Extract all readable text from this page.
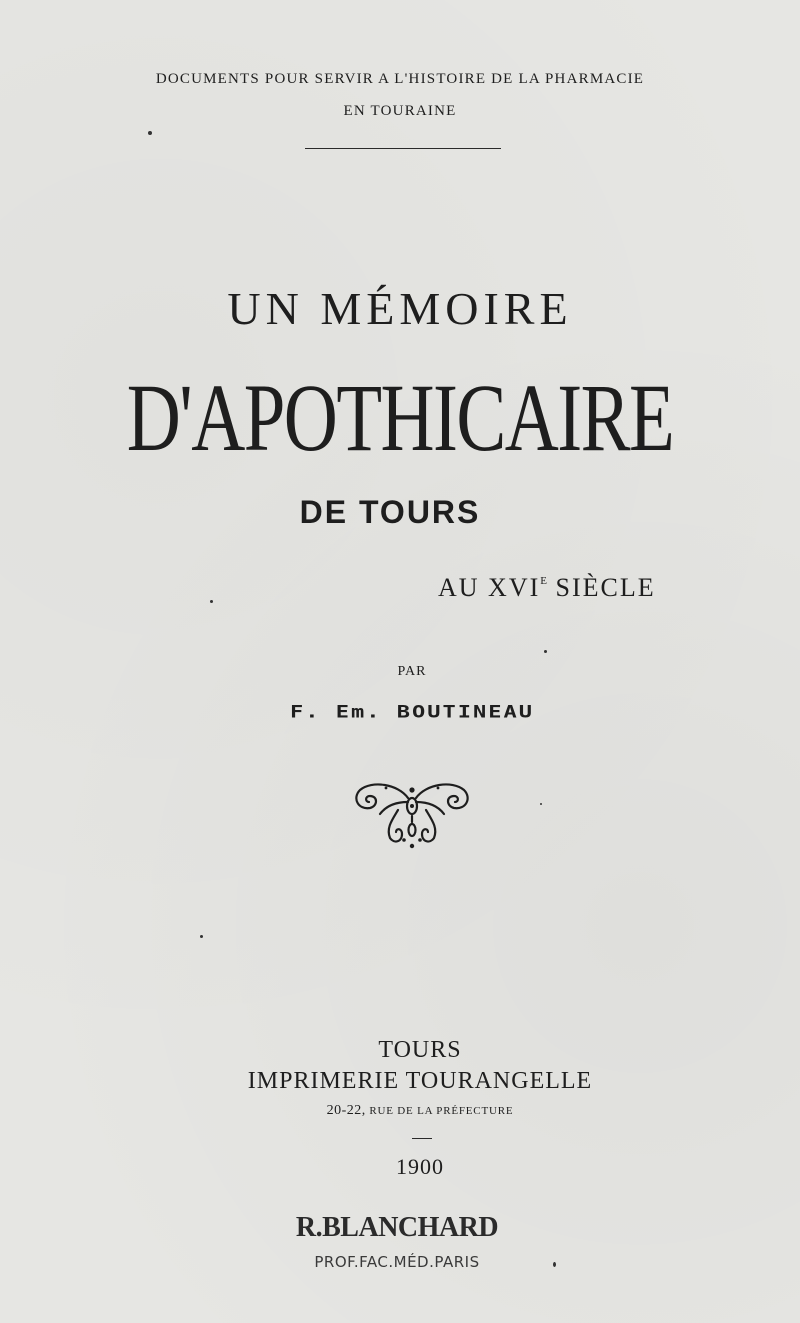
DOCUMENTS POUR SERVIR A L'HISTOIRE DE LA PHARMACIE
EN TOURAINE
UN MÉMOIRE
D'APOTHICAIRE
DE TOURS
AU $XVI^E$ SIÈCLE
PAR
F. Em. BOUTINEAU
TOURS
IMPRIMERIE TOURANGELLE
20-22, RUE DE LA PRÉFECTURE
1900
R.BLANCHARD
PROF.FAC.MÉD.PARIS
